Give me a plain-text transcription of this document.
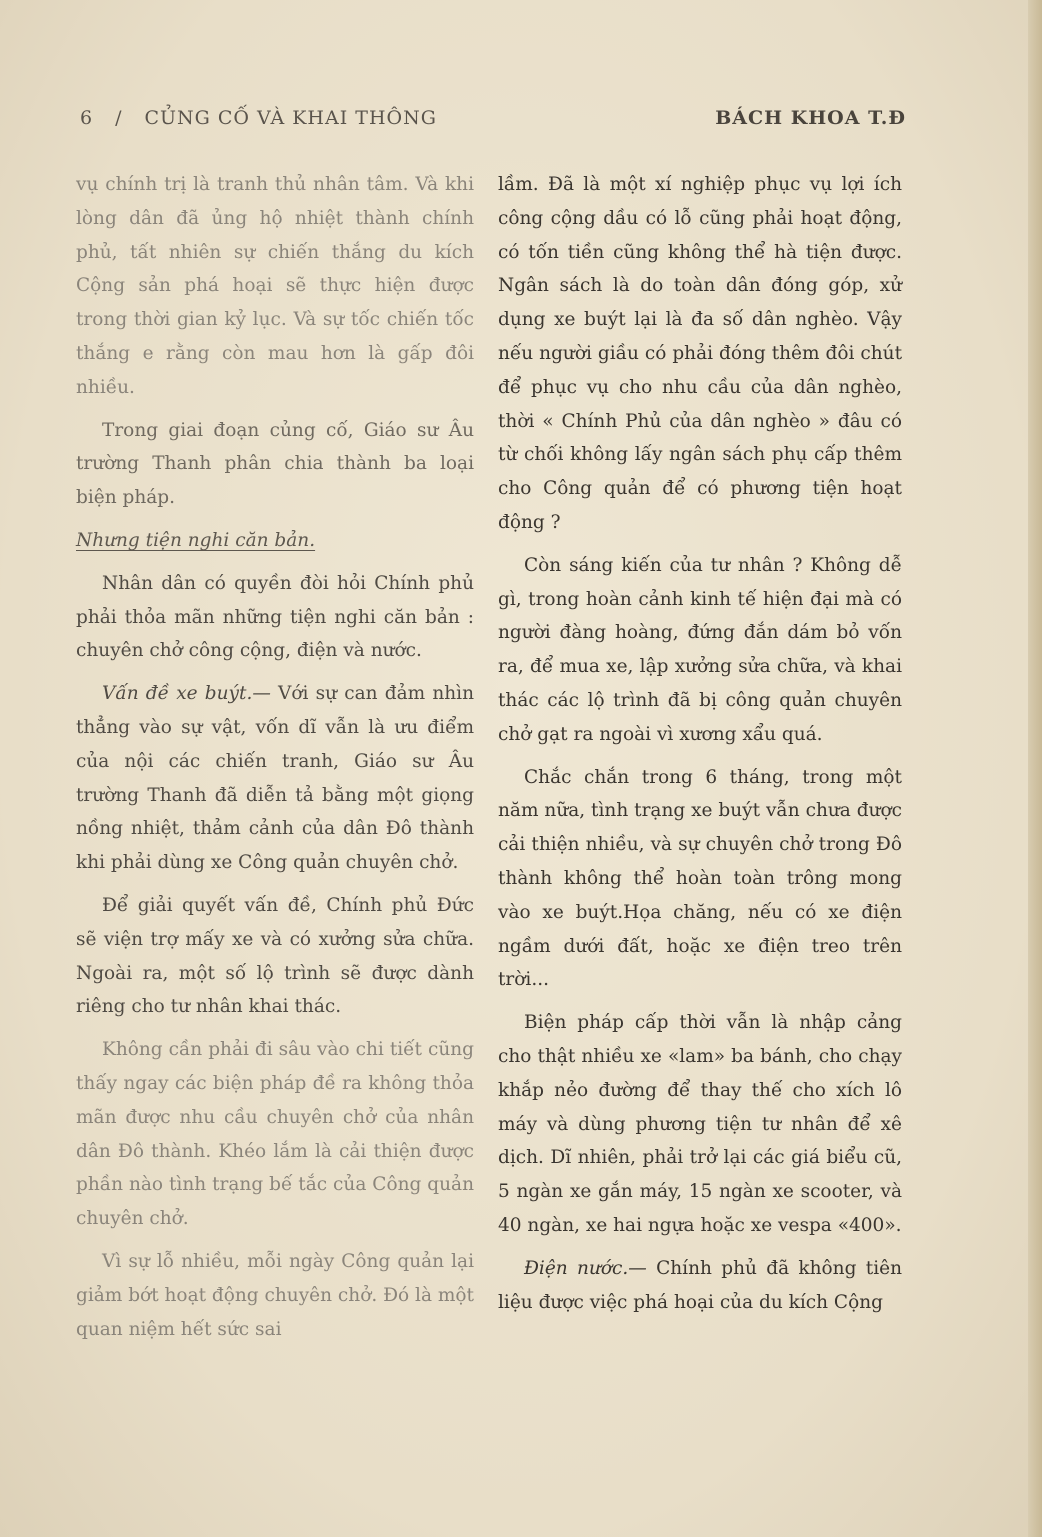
6 / CỦNG CỐ VÀ KHAI THÔNG	BÁCH KHOA T.Đ

vụ chính trị là tranh thủ nhân tâm. Và khi lòng dân đã ủng hộ nhiệt thành chính phủ, tất nhiên sự chiến thắng du kích Cộng sản phá hoại sẽ thực hiện được trong thời gian kỷ lục. Và sự tốc chiến tốc thắng e rằng còn mau hơn là gấp đôi nhiều.

Trong giai đoạn củng cố, Giáo sư Âu trường Thanh phân chia thành ba loại biện pháp.

Nhưng tiện nghi căn bản.

Nhân dân có quyền đòi hỏi Chính phủ phải thỏa mãn những tiện nghi căn bản : chuyên chở công cộng, điện và nước.

Vấn đề xe buýt.— Với sự can đảm nhìn thẳng vào sự vật, vốn dĩ vẫn là ưu điểm của nội các chiến tranh, Giáo sư Âu trường Thanh đã diễn tả bằng một giọng nồng nhiệt, thảm cảnh của dân Đô thành khi phải dùng xe Công quản chuyên chở.

Để giải quyết vấn đề, Chính phủ Đức sẽ viện trợ mấy xe và có xưởng sửa chữa. Ngoài ra, một số lộ trình sẽ được dành riêng cho tư nhân khai thác.

Không cần phải đi sâu vào chi tiết cũng thấy ngay các biện pháp đề ra không thỏa mãn được nhu cầu chuyên chở của nhân dân Đô thành. Khéo lắm là cải thiện được phần nào tình trạng bế tắc của Công quản chuyên chở.

Vì sự lỗ nhiều, mỗi ngày Công quản lại giảm bớt hoạt động chuyên chở. Đó là một quan niệm hết sức sai

lầm. Đã là một xí nghiệp phục vụ lợi ích công cộng dầu có lỗ cũng phải hoạt động, có tốn tiền cũng không thể hà tiện được. Ngân sách là do toàn dân đóng góp, xử dụng xe buýt lại là đa số dân nghèo. Vậy nếu người giầu có phải đóng thêm đôi chút để phục vụ cho nhu cầu của dân nghèo, thời « Chính Phủ của dân nghèo » đâu có từ chối không lấy ngân sách phụ cấp thêm cho Công quản để có phương tiện hoạt động ?

Còn sáng kiến của tư nhân ? Không dễ gì, trong hoàn cảnh kinh tế hiện đại mà có người đàng hoàng, đứng đắn dám bỏ vốn ra, để mua xe, lập xưởng sửa chữa, và khai thác các lộ trình đã bị công quản chuyên chở gạt ra ngoài vì xương xẩu quá.

Chắc chắn trong 6 tháng, trong một năm nữa, tình trạng xe buýt vẫn chưa được cải thiện nhiều, và sự chuyên chở trong Đô thành không thể hoàn toàn trông mong vào xe buýt.Họa chăng, nếu có xe điện ngầm dưới đất, hoặc xe điện treo trên trời...

Biện pháp cấp thời vẫn là nhập cảng cho thật nhiều xe «lam» ba bánh, cho chạy khắp nẻo đường để thay thế cho xích lô máy và dùng phương tiện tư nhân để xê dịch. Dĩ nhiên, phải trở lại các giá biểu cũ, 5 ngàn xe gắn máy, 15 ngàn xe scooter, và 40 ngàn, xe hai ngựa hoặc xe vespa «400».

Điện nước.— Chính phủ đã không tiên liệu được việc phá hoại của du kích Cộng
